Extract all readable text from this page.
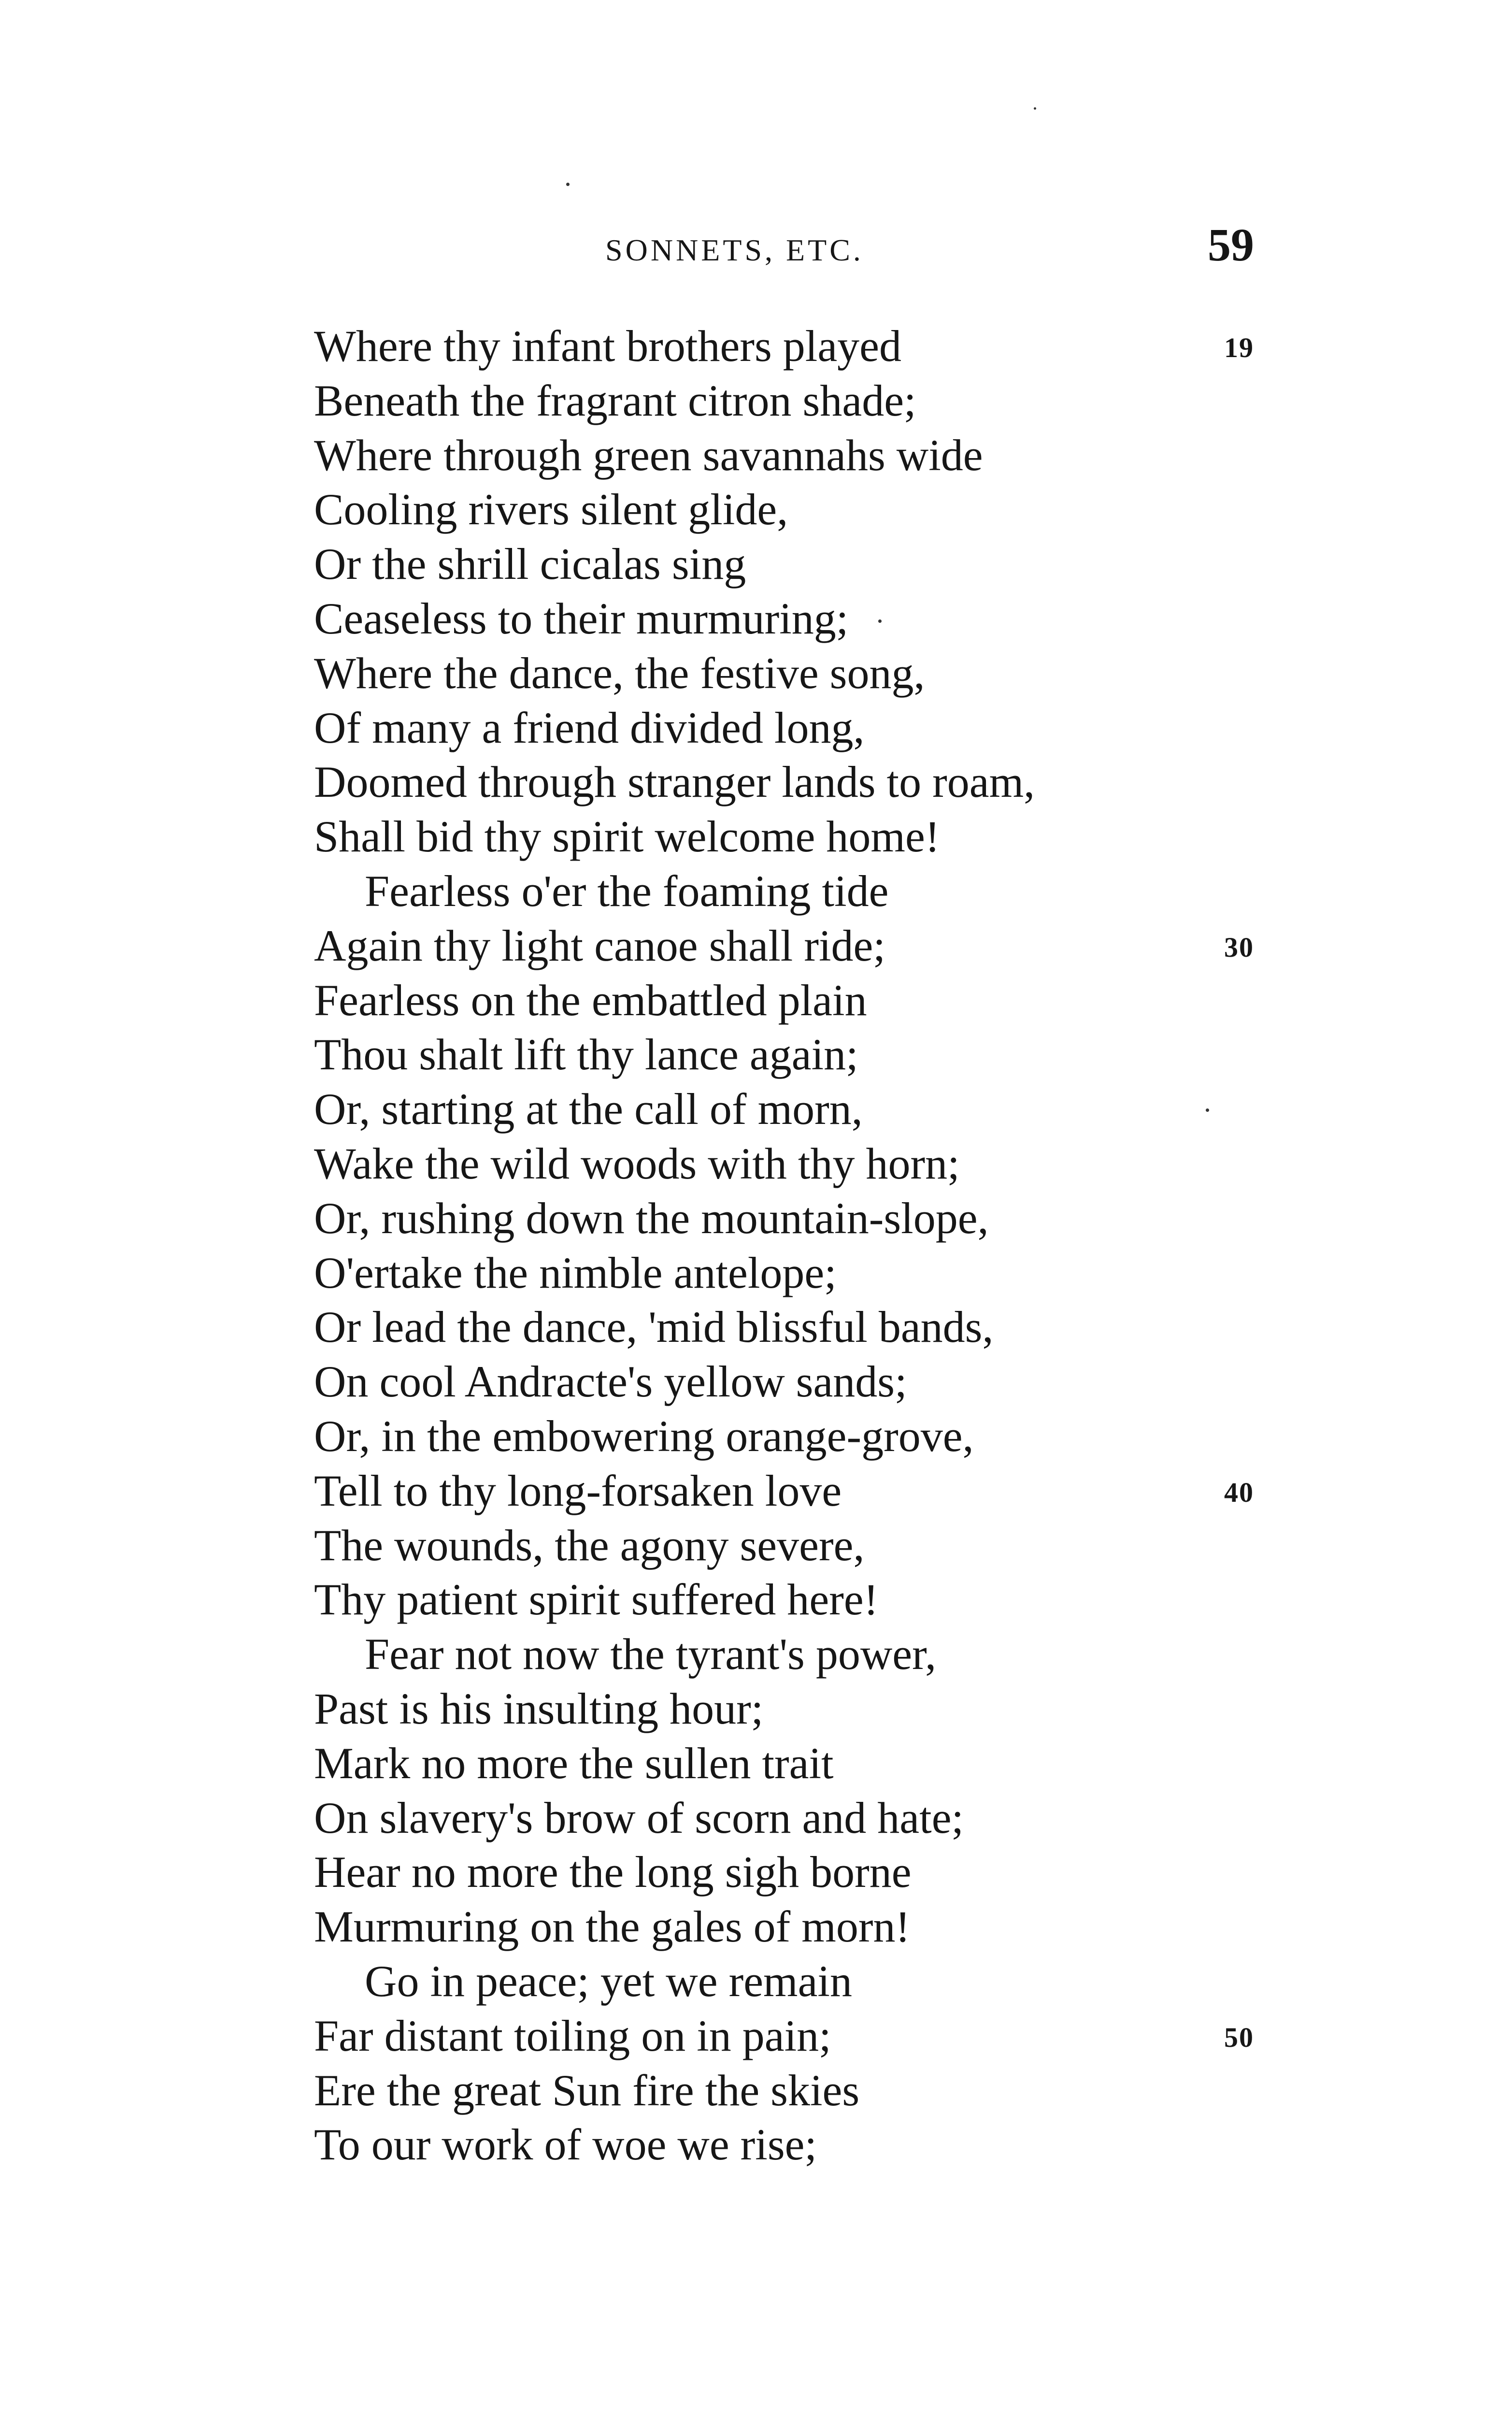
SONNETS, ETC.	59
Where thy infant brothers played	19
Beneath the fragrant citron shade;
Where through green savannahs wide
Cooling rivers silent glide,
Or the shrill cicalas sing
Ceaseless to their murmuring;
Where the dance, the festive song,
Of many a friend divided long,
Doomed through stranger lands to roam,
Shall bid thy spirit welcome home!
Fearless o'er the foaming tide
Again thy light canoe shall ride;	30
Fearless on the embattled plain
Thou shalt lift thy lance again;
Or, starting at the call of morn,
Wake the wild woods with thy horn;
Or, rushing down the mountain-slope,
O'ertake the nimble antelope;
Or lead the dance, 'mid blissful bands,
On cool Andracte's yellow sands;
Or, in the embowering orange-grove,
Tell to thy long-forsaken love	40
The wounds, the agony severe,
Thy patient spirit suffered here!
Fear not now the tyrant's power,
Past is his insulting hour;
Mark no more the sullen trait
On slavery's brow of scorn and hate;
Hear no more the long sigh borne
Murmuring on the gales of morn!
Go in peace; yet we remain
Far distant toiling on in pain;	50
Ere the great Sun fire the skies
To our work of woe we rise;
